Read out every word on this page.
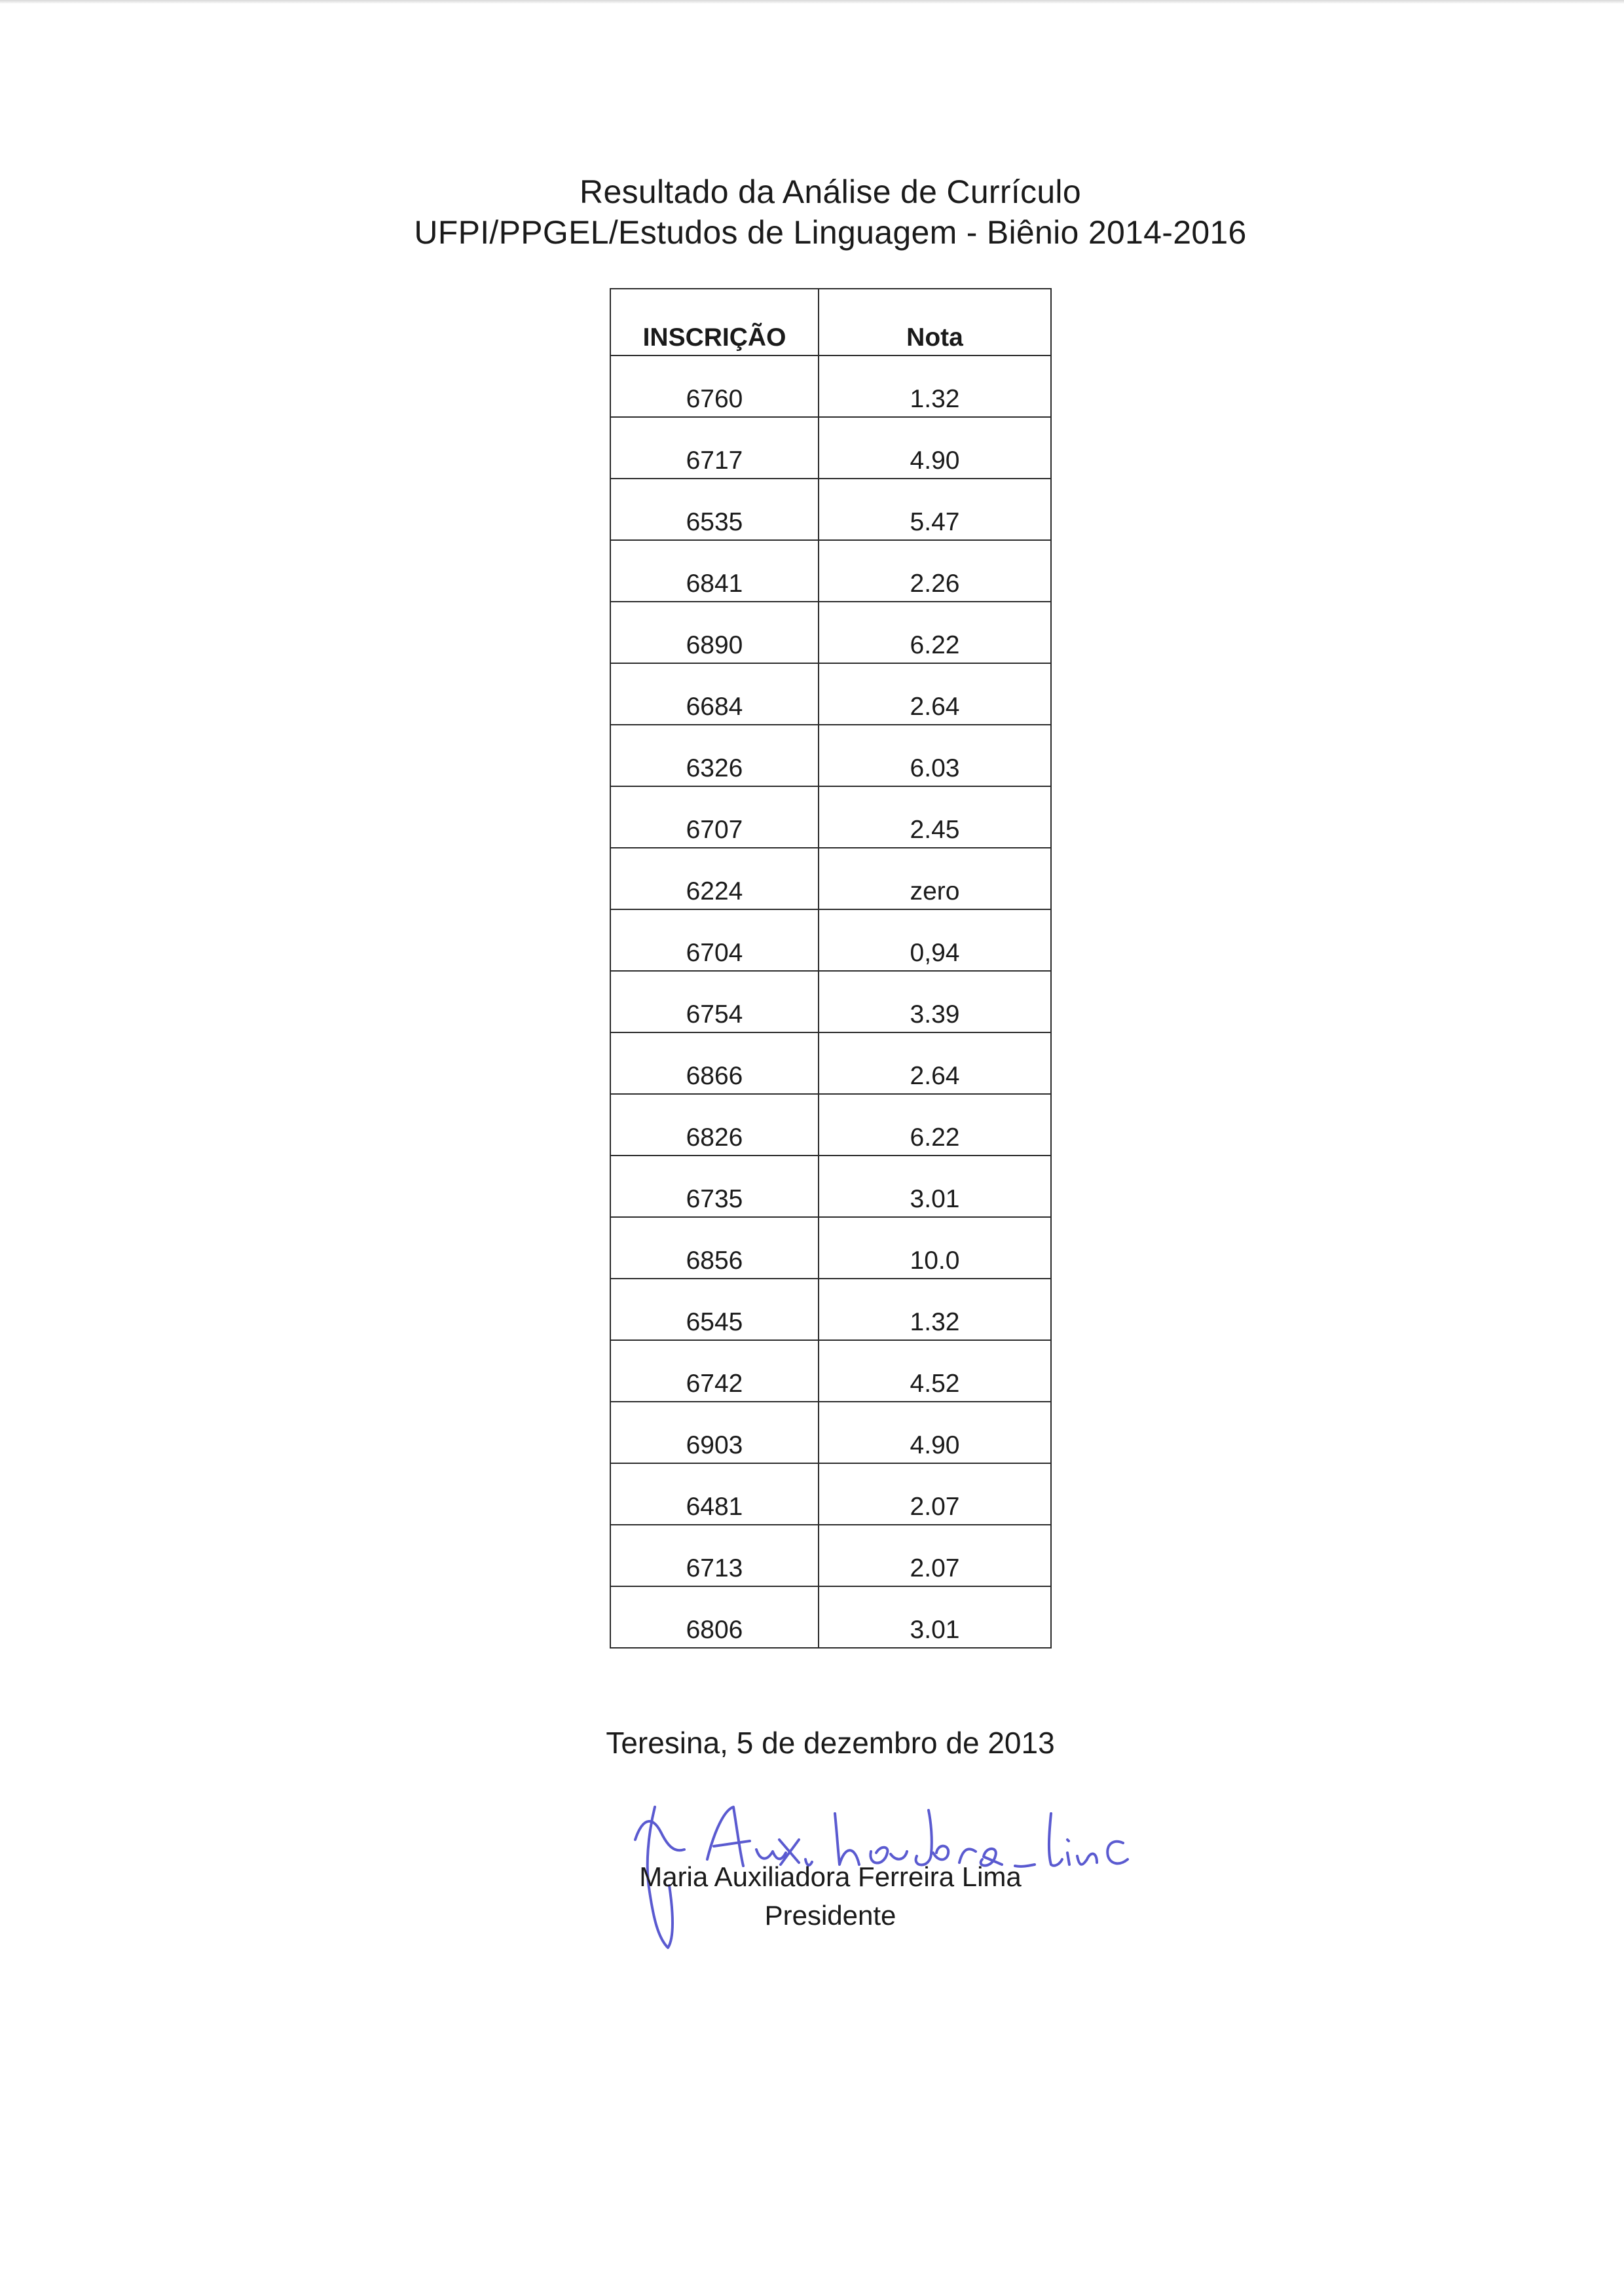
Resultado da Análise de Currículo
UFPI/PPGEL/Estudos de Linguagem - Biênio 2014-2016
INSCRIÇÃO	Nota
6760	1.32
6717	4.90
6535	5.47
6841	2.26
6890	6.22
6684	2.64
6326	6.03
6707	2.45
6224	zero
6704	0,94
6754	3.39
6866	2.64
6826	6.22
6735	3.01
6856	10.0
6545	1.32
6742	4.52
6903	4.90
6481	2.07
6713	2.07
6806	3.01
Teresina, 5 de dezembro de 2013
Maria Auxiliadora Ferreira Lima
Presidente
